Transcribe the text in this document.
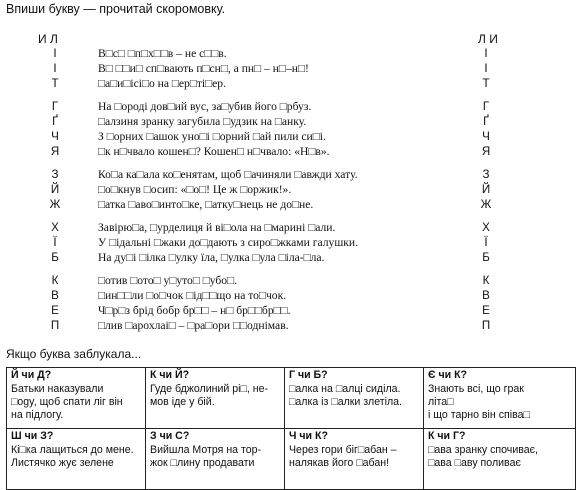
Впиши букву — прочитай скоромовку.
И Л	Л И
І	В□с□ □п□х□□в – не с□□в.	І
І	В□ □□и□ сп□вають п□сн□, а пн□ – н□–н□!	І
Т	□а□и□ісі□о на □ер□ті□ер.	Т
Г	На □ороді дов□ий вус, за□убив його □рбуз.	Г
Ґ	□алзиня зранку загубила □удзик на □анку.	Ґ
Ч	З □орних □ашок уно□і □орний □ай пили си□і.	Ч
Я	□к н□чвало кошен□? Кошен□ н□чвало: «Н□в».	Я
З	Ко□а ка□ала ко□енятам, щоб □ачиняли □авжди хату.	З
Й	□о□кнув □осип: «□о□! Це ж □оржик!».	Й
Ж	□атка □аво□инто□ке, □атку□нець не до□не.	Ж
Х	Завірю□а, □урделиця й ві□ола на □марині □али.	Х
Ї	У □ідальні □жаки до□дають з сиро□жками галушки.	Ї
Б	На ду□і □ілка □улку їла, □улка □ула □іла-□ла.	Б
К	□отив □ото□ у□уто□ □убо□.	К
В	□ин□□ли □о□чок □ід□□що на то□чок.	В
Е	Ч□р□з брід бобр бр□□ – н□ бр□□бр□□.	Е
П	□лив □арохлаі□ – □ра□ори □□однімав.	П
Якщо буква заблукала...
Й чи Д?
Батьки наказували
□ogy, щоб спати ліг він
на підлогу.	К чи Й?
Гуде бджолиний рі□, не-
мов іде у бій.	Г чи Б?
□алка на □алці сиділа.
□алка із □алки злетіла.	Є чи К?
Знають всі, що грак
літа□
і що тарно він співа□

Ш чи З?
Кі□ка лащиться до мене.
Листячко жує зелене	З чи С?
Вийшла Мотря на тор-
жок □лину продавати	Ч чи К?
Через гори біг□абан –
налякав його □абан!	К чи Г?
□ава зранку спочиває,
□ава □аву поливає
